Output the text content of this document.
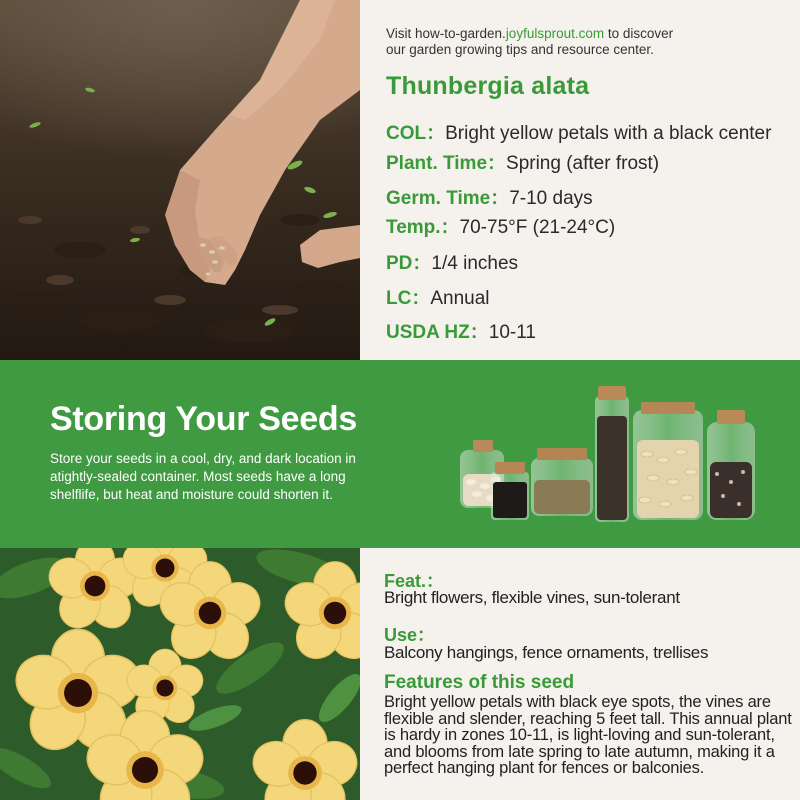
Visit how-to-garden.joyfulsprout.com to discover
our garden growing tips and resource center.
Thunbergia alata
COL：Bright yellow petals with a black center
Plant. Time：Spring (after frost)
Germ. Time：7-10 days
Temp.：70-75°F (21-24°C)
PD：1/4 inches
LC：Annual
USDA HZ：10-11
Storing Your Seeds
Store your seeds in a cool, dry, and dark location in atightly-sealed container. Most seeds have a long shelflife, but heat and moisture could shorten it.
Feat.：
Bright flowers, flexible vines, sun-tolerant
Use：
Balcony hangings, fence ornaments, trellises
Features of this seed
Bright yellow petals with black eye spots, the vines are flexible and slender, reaching 5 feet tall. This annual plant is hardy in zones 10-11, is light-loving and sun-tolerant, and blooms from late spring to late autumn, making it a perfect hanging plant for fences or balconies.
